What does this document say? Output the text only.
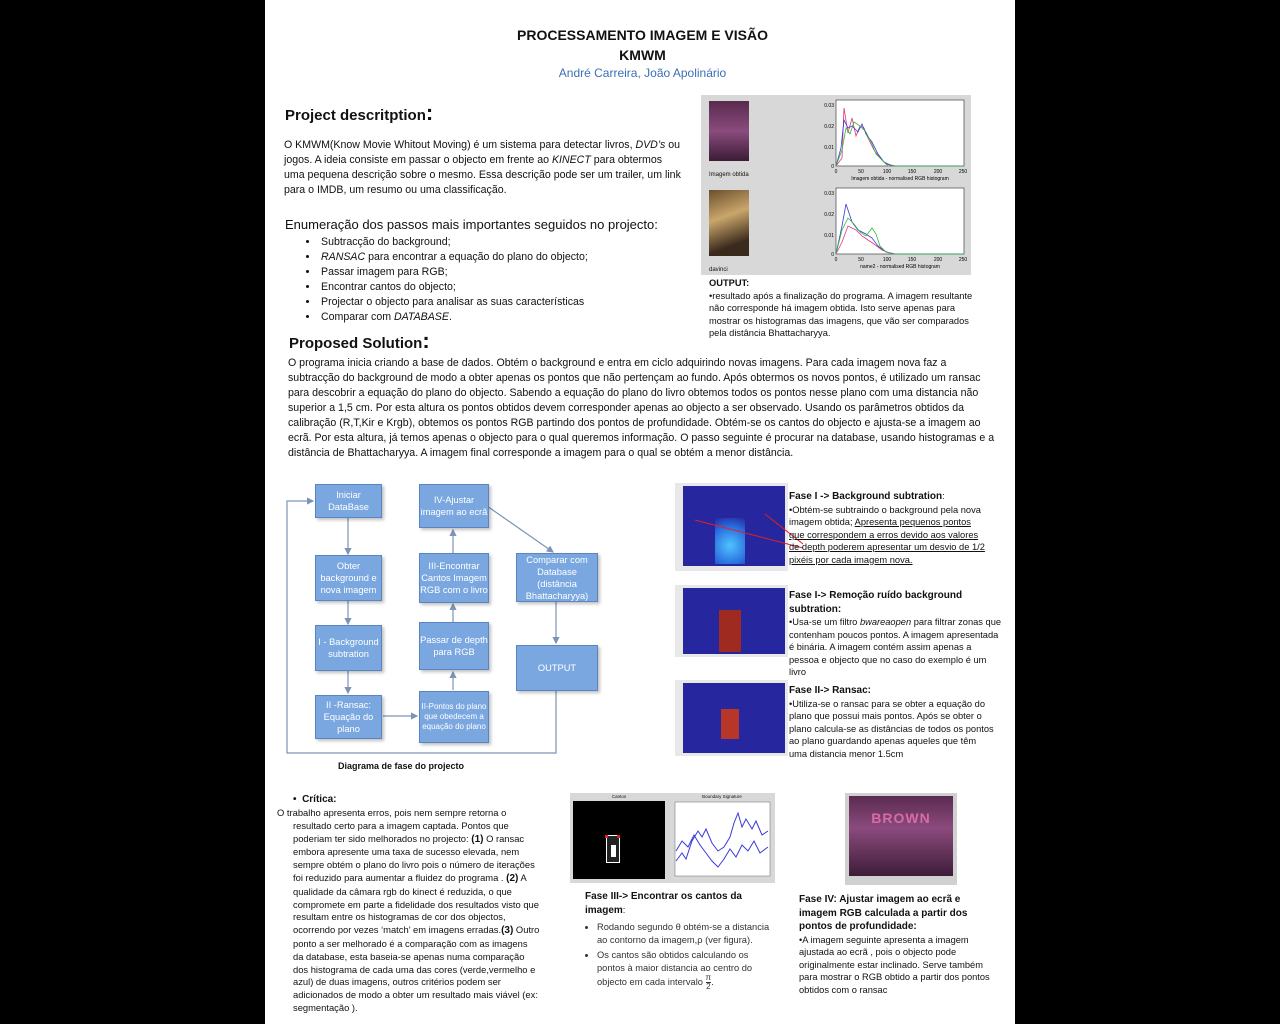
PROCESSAMENTO IMAGEM E VISÃO
KMWM
André Carreira, João Apolinário
Project descritption:
O KMWM(Know Movie Whitout Moving) é um sistema para detectar livros, DVD’s ou jogos. A ideia consiste em passar o objecto em frente ao KINECT para obtermos uma pequena descrição sobre o mesmo. Essa descrição pode ser um trailer, um link para o IMDB, um resumo ou uma classificação.
Enumeração dos passos mais importantes seguidos no projecto:
• Subtracção do background;
• RANSAC para encontrar a equação do plano do objecto;
• Passar imagem para RGB;
• Encontrar cantos do objecto;
• Projectar o objecto para analisar as suas características
• Comparar com DATABASE.
Imagem obtida
davinci
0.03
0.02
0.01
0
0	50	100	150	200	250
Imagem obtida - normalised RGB histogram
0.03
0.02
0.01
0
0	50	100	150	200	250
name2 - normalised RGB histogram
OUTPUT:
•resultado após a finalização do programa. A imagem resultante não corresponde há imagem obtida. Isto serve apenas para mostrar os histogramas das imagens, que vão ser comparados pela distância Bhattacharyya.
Proposed Solution:
O programa inicia criando a base de dados. Obtém o background e entra em ciclo adquirindo novas imagens. Para cada imagem nova faz a subtracção do background de modo a obter apenas os pontos que não pertençam ao fundo. Após obtermos os novos pontos, é utilizado um ransac para descobrir a equação do plano do objecto. Sabendo a equação do plano do livro obtemos todos os pontos nesse plano com uma distancia não superior a 1,5 cm. Por esta altura os pontos obtidos devem corresponder apenas ao objecto a ser observado. Usando os parâmetros obtidos da calibração (R,T,Kir e Krgb), obtemos os pontos RGB partindo dos pontos de profundidade. Obtém-se os cantos do objecto e ajusta-se a imagem ao ecrã. Por esta altura, já temos apenas o objecto para o qual queremos informação. O passo seguinte é procurar na database, usando histogramas e a distância de Bhattacharyya. A imagem final corresponde a imagem para o qual se obtém a menor distância.
Iniciar DataBase
Obter background e nova imagem
I - Background subtration
II -Ransac: Equação do plano
II-Pontos do plano que obedecem a equação do plano
Passar de depth para RGB
III-Encontrar Cantos Imagem RGB com o livro
IV-Ajustar imagem ao ecrã
Comparar com Database (distância Bhattacharyya)
OUTPUT
Diagrama de fase do projecto
Fase I -> Background subtration:
•Obtém-se subtraindo o background pela nova imagem obtida; Apresenta pequenos pontos que correspondem a erros devido aos valores de depth poderem apresentar um desvio de 1/2 pixéis por cada imagem nova.
Fase I-> Remoção ruído background subtration:
•Usa-se um filtro bwareaopen para filtrar zonas que contenham poucos pontos. A imagem apresentada é binária. A imagem contém assim apenas a pessoa e objecto que no caso do exemplo é um livro
Fase II-> Ransac:
•Utiliza-se o ransac para se obter a equação do plano que possui mais pontos. Após se obter o plano calcula-se as distâncias de todos os pontos ao plano guardando apenas aqueles que têm uma distancia menor 1.5cm
•  Crítica:
O trabalho apresenta erros, pois nem sempre retorna o resultado certo para a imagem captada. Pontos que poderiam ter sido melhorados no projecto: (1) O ransac embora apresente uma taxa de sucesso elevada, nem sempre obtém o plano do livro pois o número de iterações foi reduzido para aumentar a fluidez do programa . (2) A qualidade da câmara rgb do kinect é reduzida, o que compromete em parte a fidelidade dos resultados visto que resultam entre os histogramas de cor dos objectos, ocorrendo por vezes ‘match’ em imagens erradas.(3) Outro ponto a ser melhorado é a comparação com as imagens da database, esta baseia-se apenas numa comparação dos histograma de cada uma das cores (verde,vermelho e azul) de duas imagens, outros critérios podem ser adicionados de modo a obter um resultado mais viável (ex: segmentação ).
Cantos	Boundary Signature
Fase III-> Encontrar os cantos da imagem:
• Rodando segundo θ obtém-se a distancia ao contorno da imagem,ρ (ver figura).
• Os cantos são obtidos calculando os pontos à maior distancia ao centro do objecto em cada intervalo $\frac{\pi}{2}$ .
BROWN
Fase IV: Ajustar imagem ao ecrã e imagem RGB calculada a partir dos pontos de profundidade:
•A imagem seguinte apresenta a imagem ajustada ao ecrã , pois o objecto pode originalmente estar inclinado. Serve também para mostrar o RGB obtido a partir dos pontos obtidos com o ransac
